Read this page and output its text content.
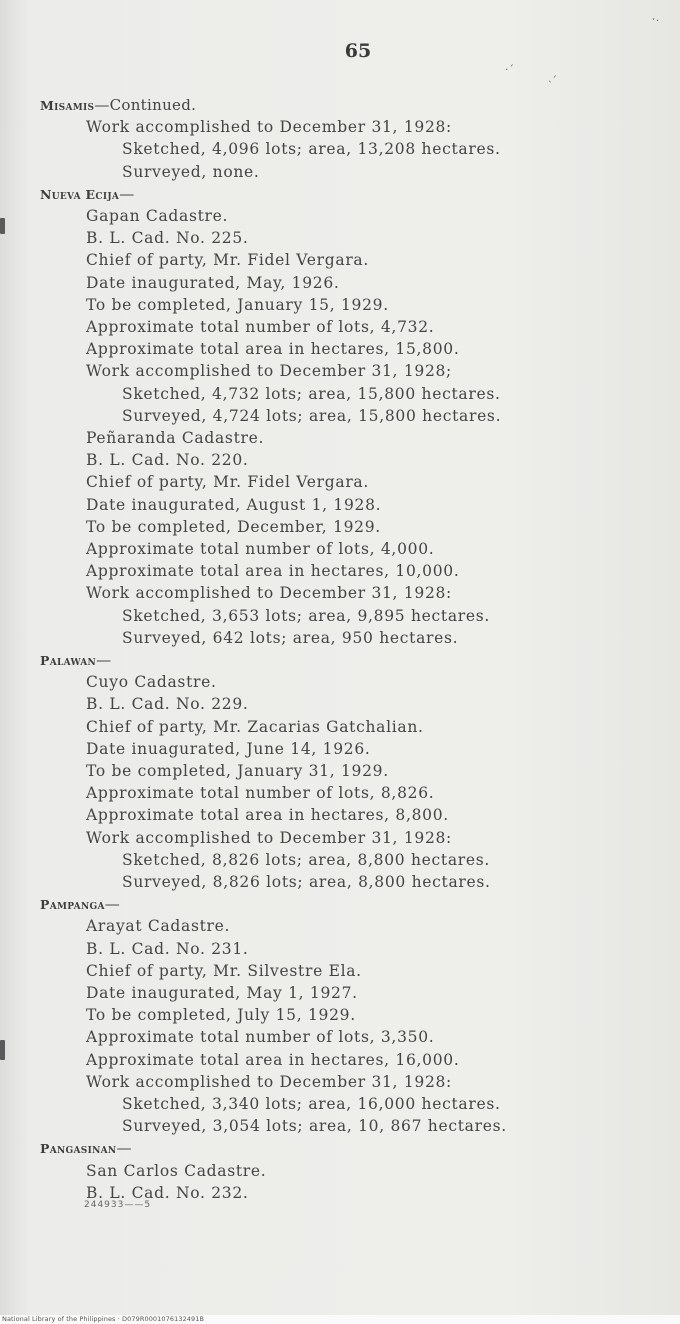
·ˊ
˴ˊ
ˑ·
65
Misamis—Continued.
Work accomplished to December 31, 1928:
Sketched, 4,096 lots; area, 13,208 hectares.
Surveyed, none.
Nueva Ecija—
Gapan Cadastre.
B. L. Cad. No. 225.
Chief of party, Mr. Fidel Vergara.
Date inaugurated, May, 1926.
To be completed, January 15, 1929.
Approximate total number of lots, 4,732.
Approximate total area in hectares, 15,800.
Work accomplished to December 31, 1928;
Sketched, 4,732 lots; area, 15,800 hectares.
Surveyed, 4,724 lots; area, 15,800 hectares.
Peñaranda Cadastre.
B. L. Cad. No. 220.
Chief of party, Mr. Fidel Vergara.
Date inaugurated, August 1, 1928.
To be completed, December, 1929.
Approximate total number of lots, 4,000.
Approximate total area in hectares, 10,000.
Work accomplished to December 31, 1928:
Sketched, 3,653 lots; area, 9,895 hectares.
Surveyed, 642 lots; area, 950 hectares.
Palawan—
Cuyo Cadastre.
B. L. Cad. No. 229.
Chief of party, Mr. Zacarias Gatchalian.
Date inuagurated, June 14, 1926.
To be completed, January 31, 1929.
Approximate total number of lots, 8,826.
Approximate total area in hectares, 8,800.
Work accomplished to December 31, 1928:
Sketched, 8,826 lots; area, 8,800 hectares.
Surveyed, 8,826 lots; area, 8,800 hectares.
Pampanga—
Arayat Cadastre.
B. L. Cad. No. 231.
Chief of party, Mr. Silvestre Ela.
Date inaugurated, May 1, 1927.
To be completed, July 15, 1929.
Approximate total number of lots, 3,350.
Approximate total area in hectares, 16,000.
Work accomplished to December 31, 1928:
Sketched, 3,340 lots; area, 16,000 hectares.
Surveyed, 3,054 lots; area, 10, 867 hectares.
Pangasinan—
San Carlos Cadastre.
B. L. Cad. No. 232.
244933——5
National Library of the Philippines · D079R0001076132491B
